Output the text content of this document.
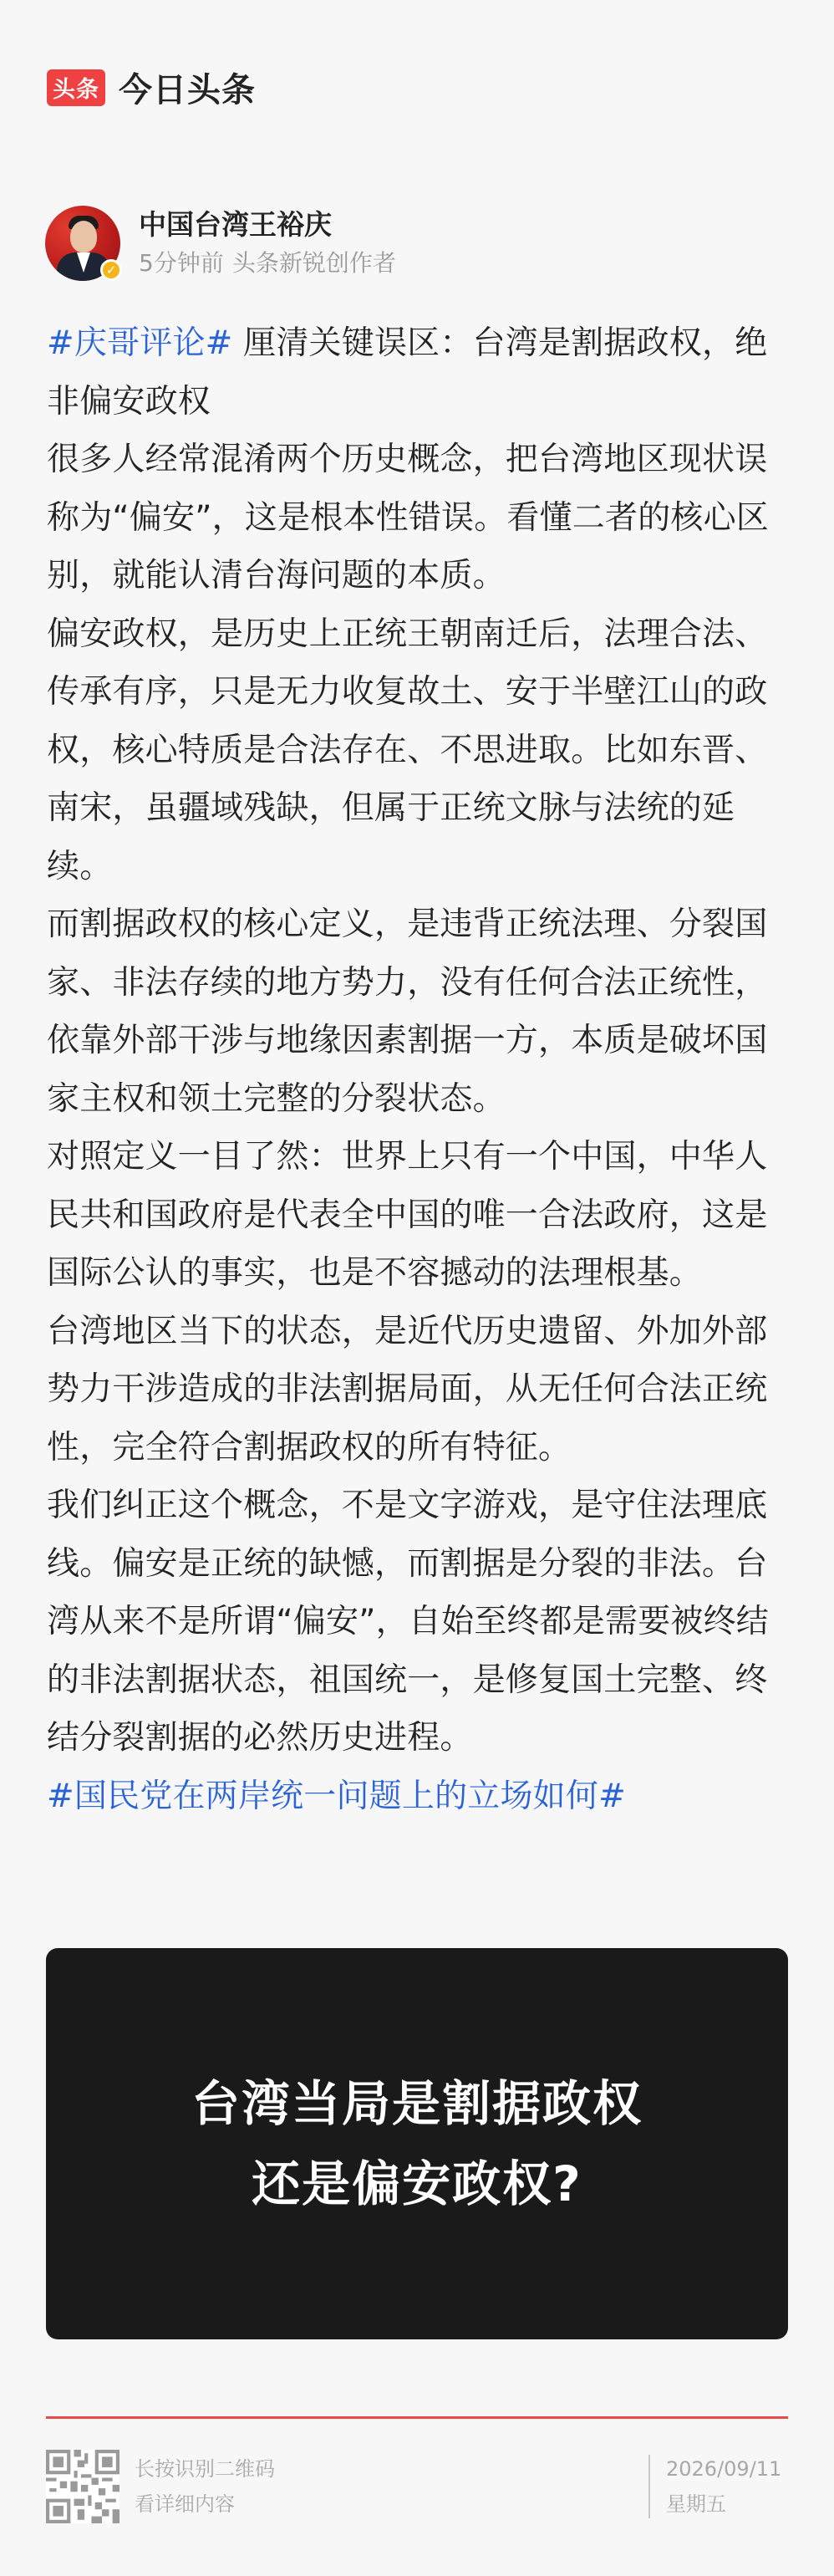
头条 今日头条
✓
中国台湾王裕庆
5分钟前 头条新锐创作者

#庆哥评论# 厘清关键误区：台湾是割据政权，绝非偏安政权

很多人经常混淆两个历史概念，把台湾地区现状误称为“偏安”，这是根本性错误。看懂二者的核心区别，就能认清台海问题的本质。

偏安政权，是历史上正统王朝南迁后，法理合法、传承有序，只是无力收复故土、安于半壁江山的政权，核心特质是合法存在、不思进取。比如东晋、南宋，虽疆域残缺，但属于正统文脉与法统的延续。

而割据政权的核心定义，是违背正统法理、分裂国家、非法存续的地方势力，没有任何合法正统性，依靠外部干涉与地缘因素割据一方，本质是破坏国家主权和领土完整的分裂状态。

对照定义一目了然：世界上只有一个中国，中华人民共和国政府是代表全中国的唯一合法政府，这是国际公认的事实，也是不容撼动的法理根基。

台湾地区当下的状态，是近代历史遗留、外加外部势力干涉造成的非法割据局面，从无任何合法正统性，完全符合割据政权的所有特征。

我们纠正这个概念，不是文字游戏，是守住法理底线。偏安是正统的缺憾，而割据是分裂的非法。台湾从来不是所谓“偏安”，自始至终都是需要被终结的非法割据状态，祖国统一，是修复国土完整、终结分裂割据的必然历史进程。

#国民党在两岸统一问题上的立场如何#

台湾当局是割据政权
还是偏安政权?
长按识别二维码
看详细内容
2026/09/11
星期五
